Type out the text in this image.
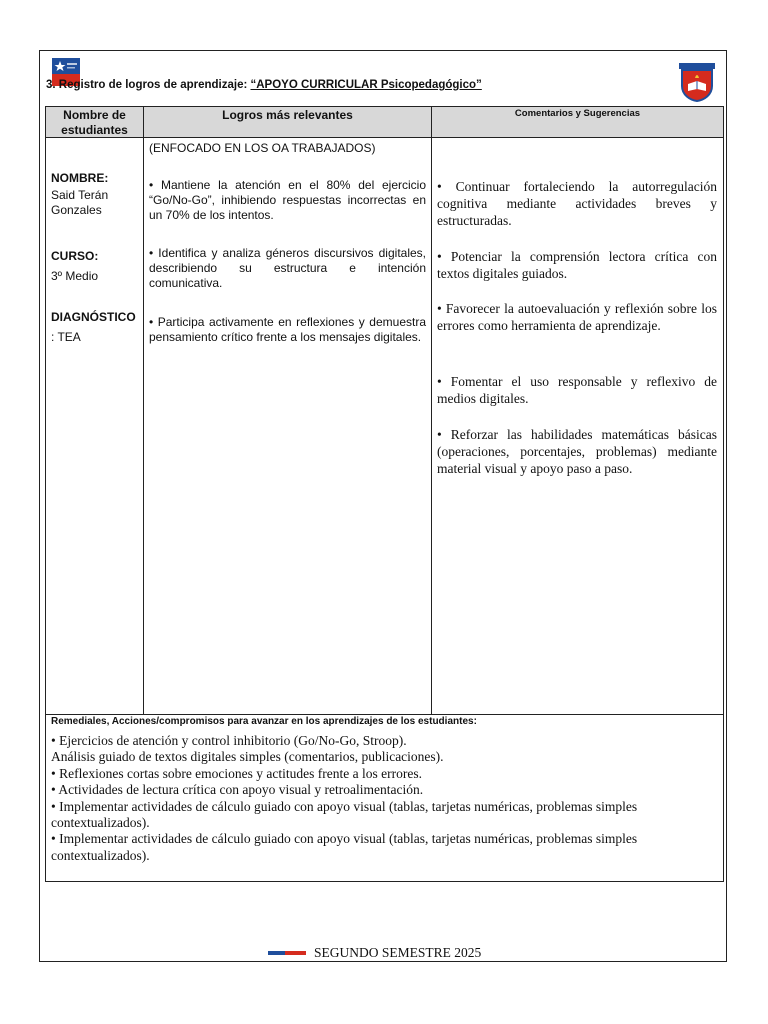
3. Registro de logros de aprendizaje: “APOYO CURRICULAR Psicopedagógico”
Nombre de estudiantes
Logros más relevantes	Comentarios y Sugerencias
NOMBRE:
Said Terán Gonzales
CURSO:
3º Medio
DIAGNÓSTICO
: TEA
(ENFOCADO EN LOS OA TRABAJADOS)
• Mantiene la atención en el 80% del ejercicio “Go/No-Go”, inhibiendo respuestas incorrectas en un 70% de los intentos.
• Identifica y analiza géneros discursivos digitales, describiendo su estructura e intención comunicativa.
• Participa activamente en reflexiones y demuestra pensamiento crítico frente a los mensajes digitales.
• Continuar fortaleciendo la autorregulación cognitiva mediante actividades breves y estructuradas.
• Potenciar la comprensión lectora crítica con textos digitales guiados.
• Favorecer la autoevaluación y reflexión sobre los errores como herramienta de aprendizaje.
• Fomentar el uso responsable y reflexivo de medios digitales.
• Reforzar las habilidades matemáticas básicas (operaciones, porcentajes, problemas) mediante material visual y apoyo paso a paso.
Remediales, Acciones/compromisos para avanzar en los aprendizajes de los estudiantes:
• Ejercicios de atención y control inhibitorio (Go/No-Go, Stroop).
Análisis guiado de textos digitales simples (comentarios, publicaciones).
• Reflexiones cortas sobre emociones y actitudes frente a los errores.
• Actividades de lectura crítica con apoyo visual y retroalimentación.
• Implementar actividades de cálculo guiado con apoyo visual (tablas, tarjetas numéricas, problemas simples contextualizados).
• Implementar actividades de cálculo guiado con apoyo visual (tablas, tarjetas numéricas, problemas simples contextualizados).
SEGUNDO SEMESTRE 2025
